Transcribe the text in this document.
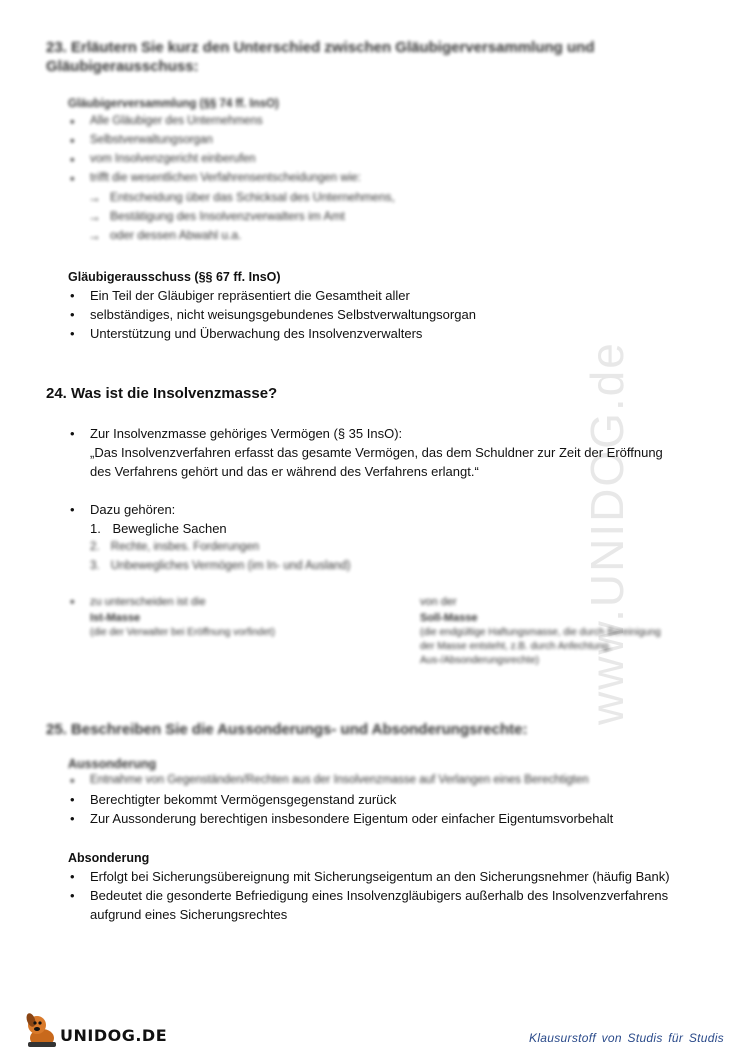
www.UNIDOG.de
23. Erläutern Sie kurz den Unterschied zwischen Gläubigerversammlung und
Gläubigerausschuss:

Gläubigerversammlung (§§ 74 ff. InsO)

• Alle Gläubiger des Unternehmens
• Selbstverwaltungsorgan
• vom Insolvenzgericht einberufen
• trifft die wesentlichen Verfahrensentscheidungen wie:
→ Entscheidung über das Schicksal des Unternehmens,
→ Bestätigung des Insolvenzverwalters im Amt
→ oder dessen Abwahl u.a.

Gläubigerausschuss (§§ 67 ff. InsO)

• Ein Teil der Gläubiger repräsentiert die Gesamtheit aller
• selbständiges, nicht weisungsgebundenes Selbstverwaltungsorgan
• Unterstützung und Überwachung des Insolvenzverwalters
24. Was ist die Insolvenzmasse?
• Zur Insolvenzmasse gehöriges Vermögen (§ 35 InsO):
„Das Insolvenzverfahren erfasst das gesamte Vermögen, das dem Schuldner zur Zeit der Eröffnung
des Verfahrens gehört und das er während des Verfahrens erlangt.“
• Dazu gehören:
1. Bewegliche Sachen
2. Rechte, insbes. Forderungen
3. Unbewegliches Vermögen (im In- und Ausland)
• zu unterscheiden ist die
Ist-Masse
(die der Verwalter bei Eröffnung vorfindet)
von der
Soll-Masse
(die endgültige Haftungsmasse, die durch Bereinigung
der Masse entsteht, z.B. durch Anfechtung,
Aus-/Absonderungsrechte)
25. Beschreiben Sie die Aussonderungs- und Absonderungsrechte:

Aussonderung

• Entnahme von Gegenständen/Rechten aus der Insolvenzmasse auf Verlangen eines Berechtigten
• Berechtigter bekommt Vermögensgegenstand zurück
• Zur Aussonderung berechtigen insbesondere Eigentum oder einfacher Eigentumsvorbehalt

Absonderung

• Erfolgt bei Sicherungsübereignung mit Sicherungseigentum an den Sicherungsnehmer (häufig Bank)
• Bedeutet die gesonderte Befriedigung eines Insolvenzgläubigers außerhalb des Insolvenzverfahrens
aufgrund eines Sicherungsrechtes
UNIDOG.DE	Klausurstoff von Studis für Studis
